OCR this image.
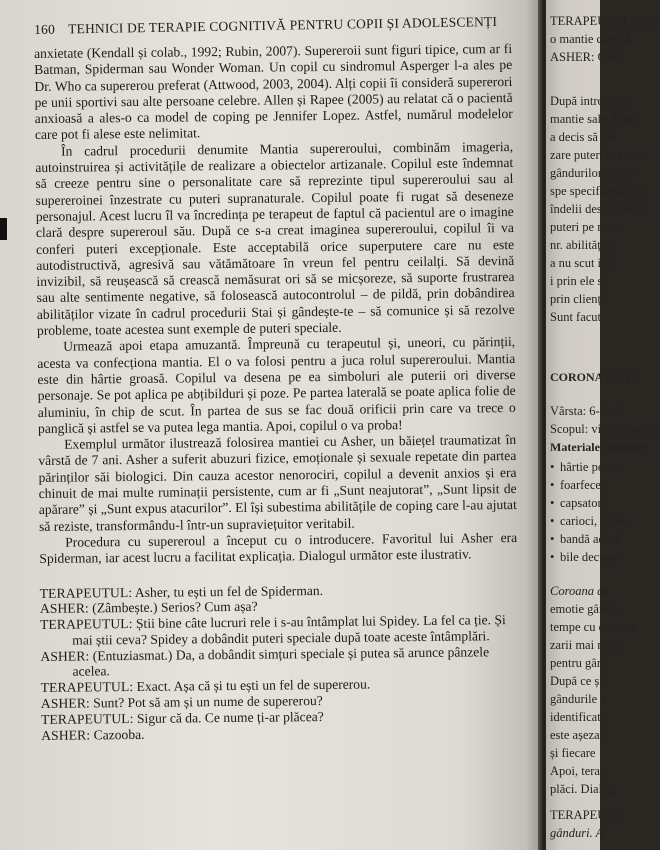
160 TEHNICI DE TERAPIE COGNITIVĂ PENTRU COPII ȘI ADOLESCENȚI

anxietate (Kendall și colab., 1992; Rubin, 2007). Supereroii sunt figuri tipice, cum ar fi Batman, Spiderman sau Wonder Woman. Un copil cu sindromul Asperger l-a ales pe Dr. Who ca supererou preferat (Attwood, 2003, 2004). Alți copii îi consideră supererori pe unii sportivi sau alte persoane celebre. Allen și Rapee (2005) au relatat că o pacientă anxioasă a ales-o ca model de coping pe Jennifer Lopez. Astfel, numărul modelelor care pot fi alese este nelimitat.

În cadrul procedurii denumite Mantia supereroului, combinăm imageria, autoinstruirea și activitățile de realizare a obiectelor artizanale. Copilul este îndemnat să creeze pentru sine o personalitate care să reprezinte tipul supereroului sau al supereroinei înzestrate cu puteri supranaturale. Copilul poate fi rugat să deseneze personajul. Acest lucru îl va încredința pe terapeut de faptul că pacientul are o imagine clară despre supereroul său. După ce s-a creat imaginea supereroului, copilul îi va conferi puteri excepționale. Este acceptabilă orice superputere care nu este autodistructivă, agresivă sau vătămătoare în vreun fel pentru ceilalți. Să devină invizibil, să reușească să crească nemăsurat ori să se micșoreze, să suporte frustrarea sau alte sentimente negative, să folosească autocontrolul – de pildă, prin dobândirea abilităților vizate în cadrul procedurii Stai și gândește-te – să comunice și să rezolve probleme, toate acestea sunt exemple de puteri speciale.

Urmează apoi etapa amuzantă. Împreună cu terapeutul și, uneori, cu părinții, acesta va confecționa mantia. El o va folosi pentru a juca rolul supereroului. Mantia este din hârtie groasă. Copilul va desena pe ea simboluri ale puterii ori diverse personaje. Se pot aplica pe abțibilduri și poze. Pe partea laterală se poate aplica folie de aluminiu, în chip de scut. În partea de sus se fac două orificii prin care va trece o panglică și astfel se va putea lega mantia. Apoi, copilul o va proba!

Exemplul următor ilustrează folosirea mantiei cu Asher, un băiețel traumatizat în vârstă de 7 ani. Asher a suferit abuzuri fizice, emoționale și sexuale repetate din partea părinților săi biologici. Din cauza acestor nenorociri, copilul a devenit anxios și era chinuit de mai multe ruminații persistente, cum ar fi „Sunt neajutorat”, „Sunt lipsit de apărare” și „Sunt expus atacurilor”. El își subestima abilitățile de coping care l-au ajutat să reziste, transformându-l într-un supraviețuitor veritabil.

Procedura cu supereroul a început cu o introducere. Favoritul lui Asher era Spiderman, iar acest lucru a facilitat explicația. Dialogul următor este ilustrativ.

TERAPEUTUL: Asher, tu ești un fel de Spiderman.

ASHER: (Zâmbește.) Serios? Cum așa?

TERAPEUTUL: Știi bine câte lucruri rele i s-au întâmplat lui Spidey. La fel ca ție. Și mai știi ceva? Spidey a dobândit puteri speciale după toate aceste întâmplări.

ASHER: (Entuziasmat.) Da, a dobândit simțuri speciale și putea să arunce pânzele acelea.

TERAPEUTUL: Exact. Așa că și tu ești un fel de supererou.

ASHER: Sunt? Pot să am și un nume de supererou?

TERAPEUTUL: Sigur că da. Ce nume ți-ar plăcea?

ASHER: Cazooba.

TERAPEUTUL: Acu
o mantie care să
ASHER: OK!
După introduce
mantie sale. Iniți
a decis să ale
zare puteri era asoc
gândurilor, inteli
spe specifice au fo
îndelii despre prop
puteri pe mam
nr. abilitățile,
a nu scut im
i prin ele s
prin clienții
Sunt facut
CORONA CU C
Vârsta: 6-9 ani
Scopul: vizualizarea c
Materiale necesare
• hârtie pentru
• foarfece,
• capsator,
• carioci, creio
• bandă adezi
• bile decupa
Coroana cu
emotie gându
tempe cu crearea
zarii mai mult
pentru gân
După ce și-
gândurile a
identificate
este așezat
și fiecare
Apoi, terap
plăci. Dialog
TERAPEUTU
gânduri. A
